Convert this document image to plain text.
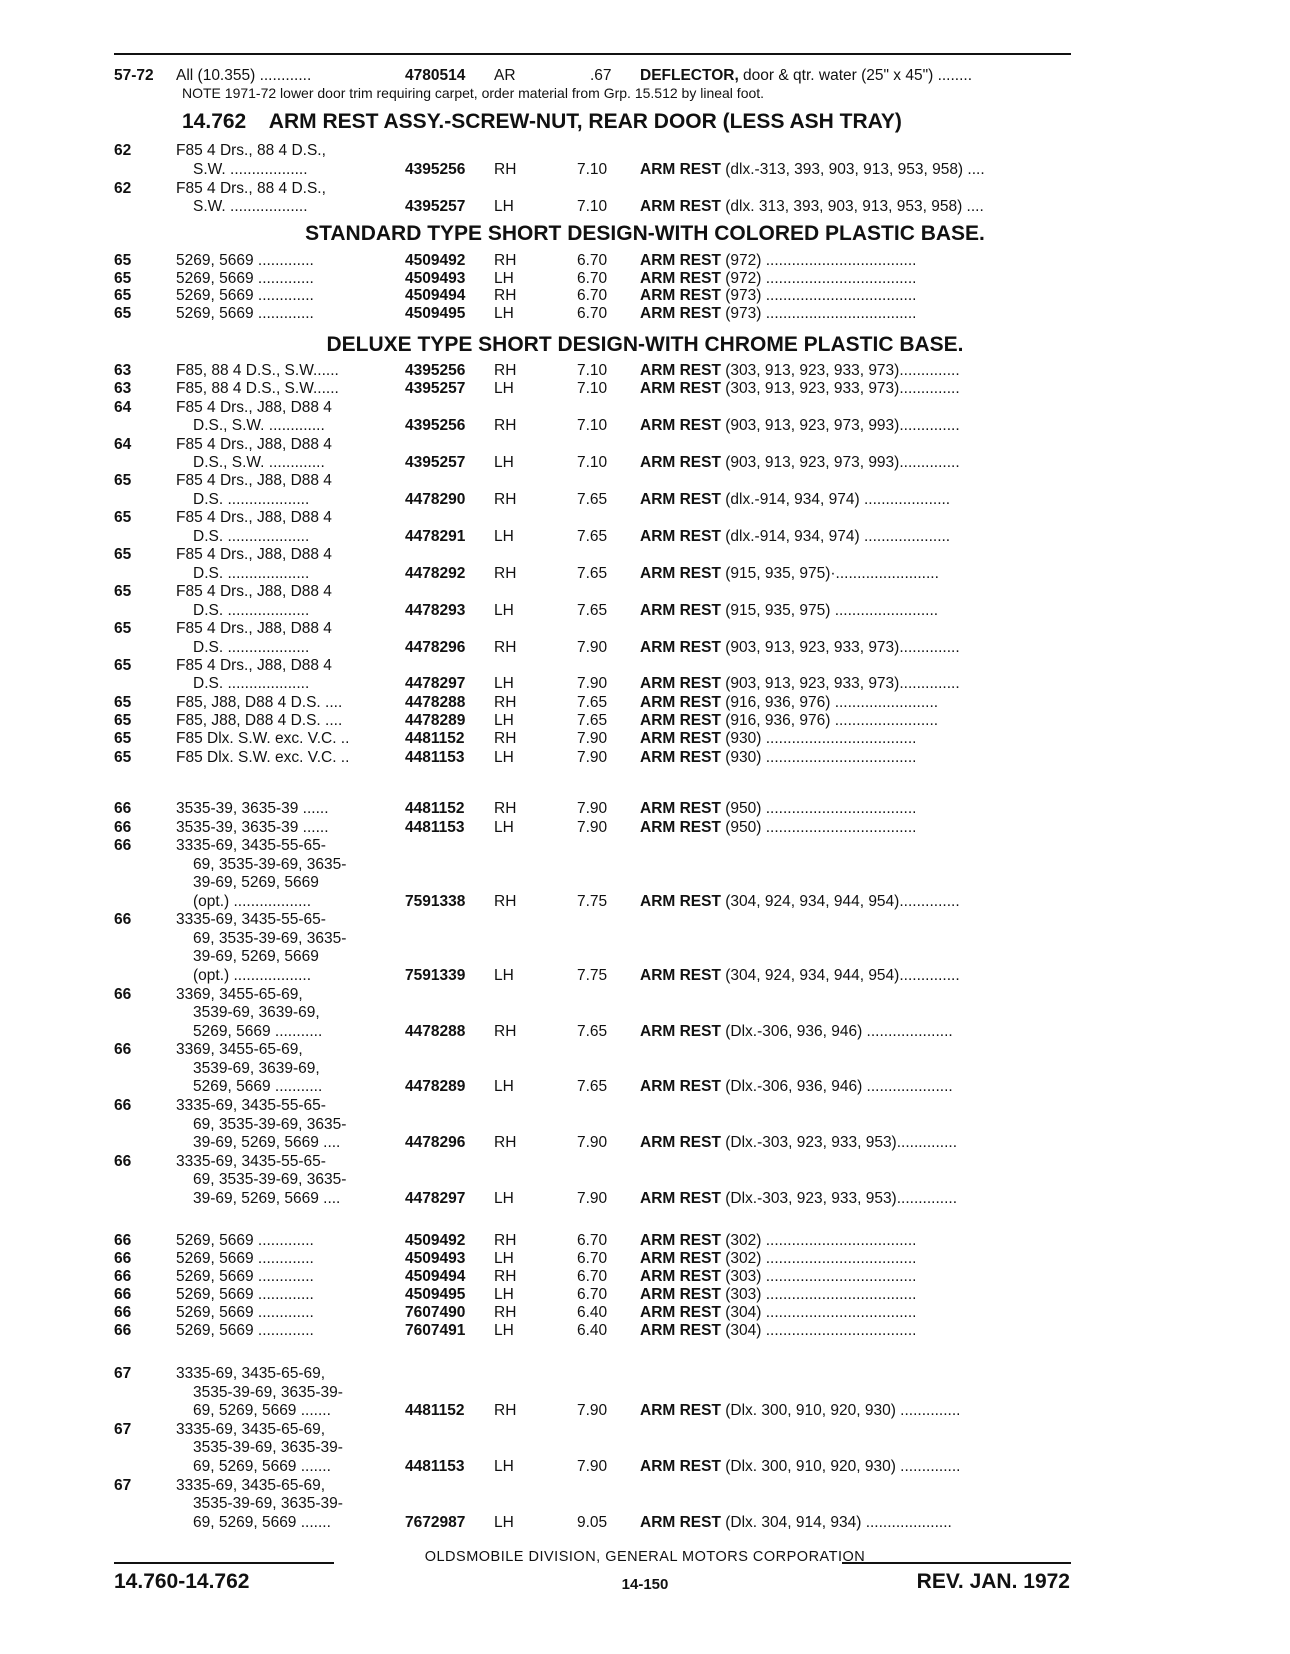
57-72 All (10.355) ............	4780514 AR	.67 DEFLECTOR, door & qtr. water (25" x 45") ........
NOTE 1971-72 lower door trim requiring carpet, order material from Grp. 15.512 by lineal foot.
14.762    ARM REST ASSY.-SCREW-NUT, REAR DOOR (LESS ASH TRAY)
62	F85 4 Drs., 88 4 D.S.,
S.W. ..................	4395256 RH	7.10 ARM REST (dlx.-313, 393, 903, 913, 953, 958) ....
62	F85 4 Drs., 88 4 D.S.,
S.W. ..................	4395257 LH	7.10 ARM REST (dlx. 313, 393, 903, 913, 953, 958) ....
STANDARD TYPE SHORT DESIGN-WITH COLORED PLASTIC BASE.
65	5269, 5669 .............	4509492 RH	6.70 ARM REST (972) ...................................
65	5269, 5669 .............	4509493 LH	6.70 ARM REST (972) ...................................
65	5269, 5669 .............	4509494 RH	6.70 ARM REST (973) ...................................
65	5269, 5669 .............	4509495 LH	6.70 ARM REST (973) ...................................
DELUXE TYPE SHORT DESIGN-WITH CHROME PLASTIC BASE.
63	F85, 88 4 D.S., S.W......	4395256 RH	7.10 ARM REST (303, 913, 923, 933, 973)..............
63	F85, 88 4 D.S., S.W......	4395257 LH	7.10 ARM REST (303, 913, 923, 933, 973)..............
64	F85 4 Drs., J88, D88 4
D.S., S.W. .............	4395256 RH	7.10 ARM REST (903, 913, 923, 973, 993)..............
64	F85 4 Drs., J88, D88 4
D.S., S.W. .............	4395257 LH	7.10 ARM REST (903, 913, 923, 973, 993)..............
65	F85 4 Drs., J88, D88 4
D.S. ...................	4478290 RH	7.65 ARM REST (dlx.-914, 934, 974) ....................
65	F85 4 Drs., J88, D88 4
D.S. ...................	4478291 LH	7.65 ARM REST (dlx.-914, 934, 974) ....................
65	F85 4 Drs., J88, D88 4
D.S. ...................	4478292 RH	7.65 ARM REST (915, 935, 975)·........................
65	F85 4 Drs., J88, D88 4
D.S. ...................	4478293 LH	7.65 ARM REST (915, 935, 975) ........................
65	F85 4 Drs., J88, D88 4
D.S. ...................	4478296 RH	7.90 ARM REST (903, 913, 923, 933, 973)..............
65	F85 4 Drs., J88, D88 4
D.S. ...................	4478297 LH	7.90 ARM REST (903, 913, 923, 933, 973)..............
65	F85, J88, D88 4 D.S. ....	4478288 RH	7.65 ARM REST (916, 936, 976) ........................
65	F85, J88, D88 4 D.S. ....	4478289 LH	7.65 ARM REST (916, 936, 976) ........................
65	F85 Dlx. S.W. exc. V.C. ..	4481152 RH	7.90 ARM REST (930) ...................................
65	F85 Dlx. S.W. exc. V.C. ..	4481153 LH	7.90 ARM REST (930) ...................................
66	3535-39, 3635-39 ......	4481152 RH	7.90 ARM REST (950) ...................................
66	3535-39, 3635-39 ......	4481153 LH	7.90 ARM REST (950) ...................................
66	3335-69, 3435-55-65-
69, 3535-39-69, 3635-
39-69, 5269, 5669
(opt.) ..................	7591338 RH	7.75 ARM REST (304, 924, 934, 944, 954)..............
66	3335-69, 3435-55-65-
69, 3535-39-69, 3635-
39-69, 5269, 5669
(opt.) ..................	7591339 LH	7.75 ARM REST (304, 924, 934, 944, 954)..............
66	3369, 3455-65-69,
3539-69, 3639-69,
5269, 5669 ...........	4478288 RH	7.65 ARM REST (Dlx.-306, 936, 946) ....................
66	3369, 3455-65-69,
3539-69, 3639-69,
5269, 5669 ...........	4478289 LH	7.65 ARM REST (Dlx.-306, 936, 946) ....................
66	3335-69, 3435-55-65-
69, 3535-39-69, 3635-
39-69, 5269, 5669 ....	4478296 RH	7.90 ARM REST (Dlx.-303, 923, 933, 953)..............
66	3335-69, 3435-55-65-
69, 3535-39-69, 3635-
39-69, 5269, 5669 ....	4478297 LH	7.90 ARM REST (Dlx.-303, 923, 933, 953)..............
66	5269, 5669 .............	4509492 RH	6.70 ARM REST (302) ...................................
66	5269, 5669 .............	4509493 LH	6.70 ARM REST (302) ...................................
66	5269, 5669 .............	4509494 RH	6.70 ARM REST (303) ...................................
66	5269, 5669 .............	4509495 LH	6.70 ARM REST (303) ...................................
66	5269, 5669 .............	7607490 RH	6.40 ARM REST (304) ...................................
66	5269, 5669 .............	7607491 LH	6.40 ARM REST (304) ...................................
67	3335-69, 3435-65-69,
3535-39-69, 3635-39-
69, 5269, 5669 .......	4481152 RH	7.90 ARM REST (Dlx. 300, 910, 920, 930) ..............
67	3335-69, 3435-65-69,
3535-39-69, 3635-39-
69, 5269, 5669 .......	4481153 LH	7.90 ARM REST (Dlx. 300, 910, 920, 930) ..............
67	3335-69, 3435-65-69,
3535-39-69, 3635-39-
69, 5269, 5669 .......	7672987 LH	9.05 ARM REST (Dlx. 304, 914, 934) ....................
OLDSMOBILE DIVISION, GENERAL MOTORS CORPORATION
14.760-14.762	14-150	REV. JAN. 1972
